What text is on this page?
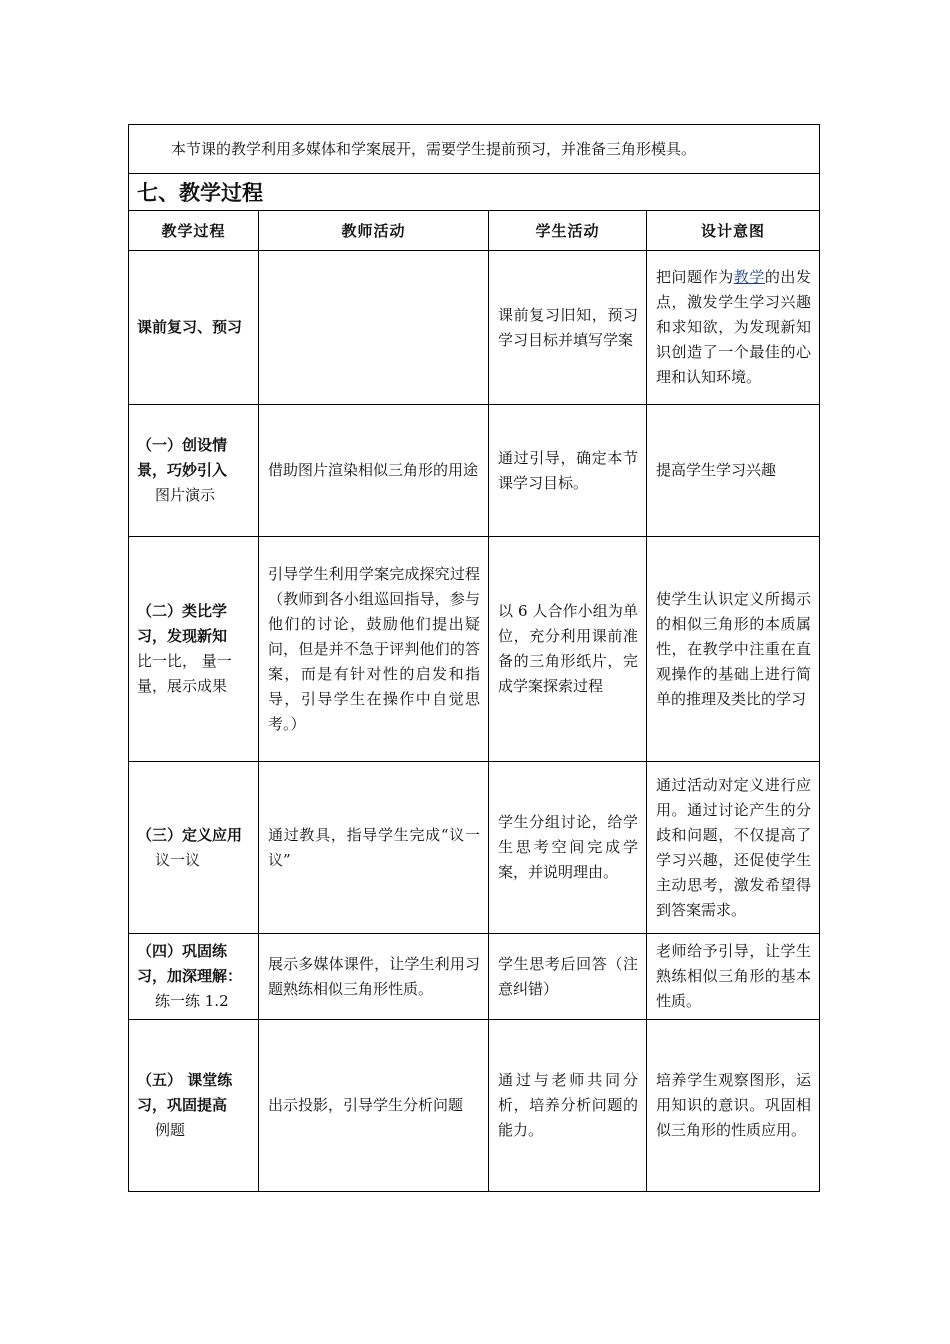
本节课的教学利用多媒体和学案展开，需要学生提前预习，并准备三角形模具。			
七、教学过程			
教学过程	教师活动	学生活动	设计意图

课前复习、预习		课前复习旧知，预习学习目标并填写学案	把问题作为教学的出发点，激发学生学习兴趣和求知欲，为发现新知识创造了一个最佳的心理和认知环境。

（一）创设情景，巧妙引入
图片演示	借助图片渲染相似三角形的用途	通过引导，确定本节课学习目标。	提高学生学习兴趣

（二）类比学习，发现新知
比一比， 量一量，展示成果	引导学生利用学案完成探究过程（教师到各小组巡回指导，参与他们的讨论，鼓励他们提出疑问，但是并不急于评判他们的答案，而是有针对性的启发和指导，引导学生在操作中自觉思考。）	以 6 人合作小组为单位，充分利用课前准备的三角形纸片，完成学案探索过程	使学生认识定义所揭示的相似三角形的本质属性，在教学中注重在直观操作的基础上进行简单的推理及类比的学习

（三）定义应用
议一议	通过教具，指导学生完成“议一议”	学生分组讨论，给学生思考空间完成学案，并说明理由。	通过活动对定义进行应用。通过讨论产生的分歧和问题，不仅提高了学习兴趣，还促使学生主动思考，激发希望得到答案需求。

（四）巩固练习，加深理解：
练一练 1.2	展示多媒体课件，让学生利用习题熟练相似三角形性质。	学生思考后回答（注意纠错）	老师给予引导，让学生熟练相似三角形的基本性质。

（五） 课堂练习，巩固提高
例题	出示投影，引导学生分析问题	通过与老师共同分析，培养分析问题的能力。	培养学生观察图形，运用知识的意识。巩固相似三角形的性质应用。
